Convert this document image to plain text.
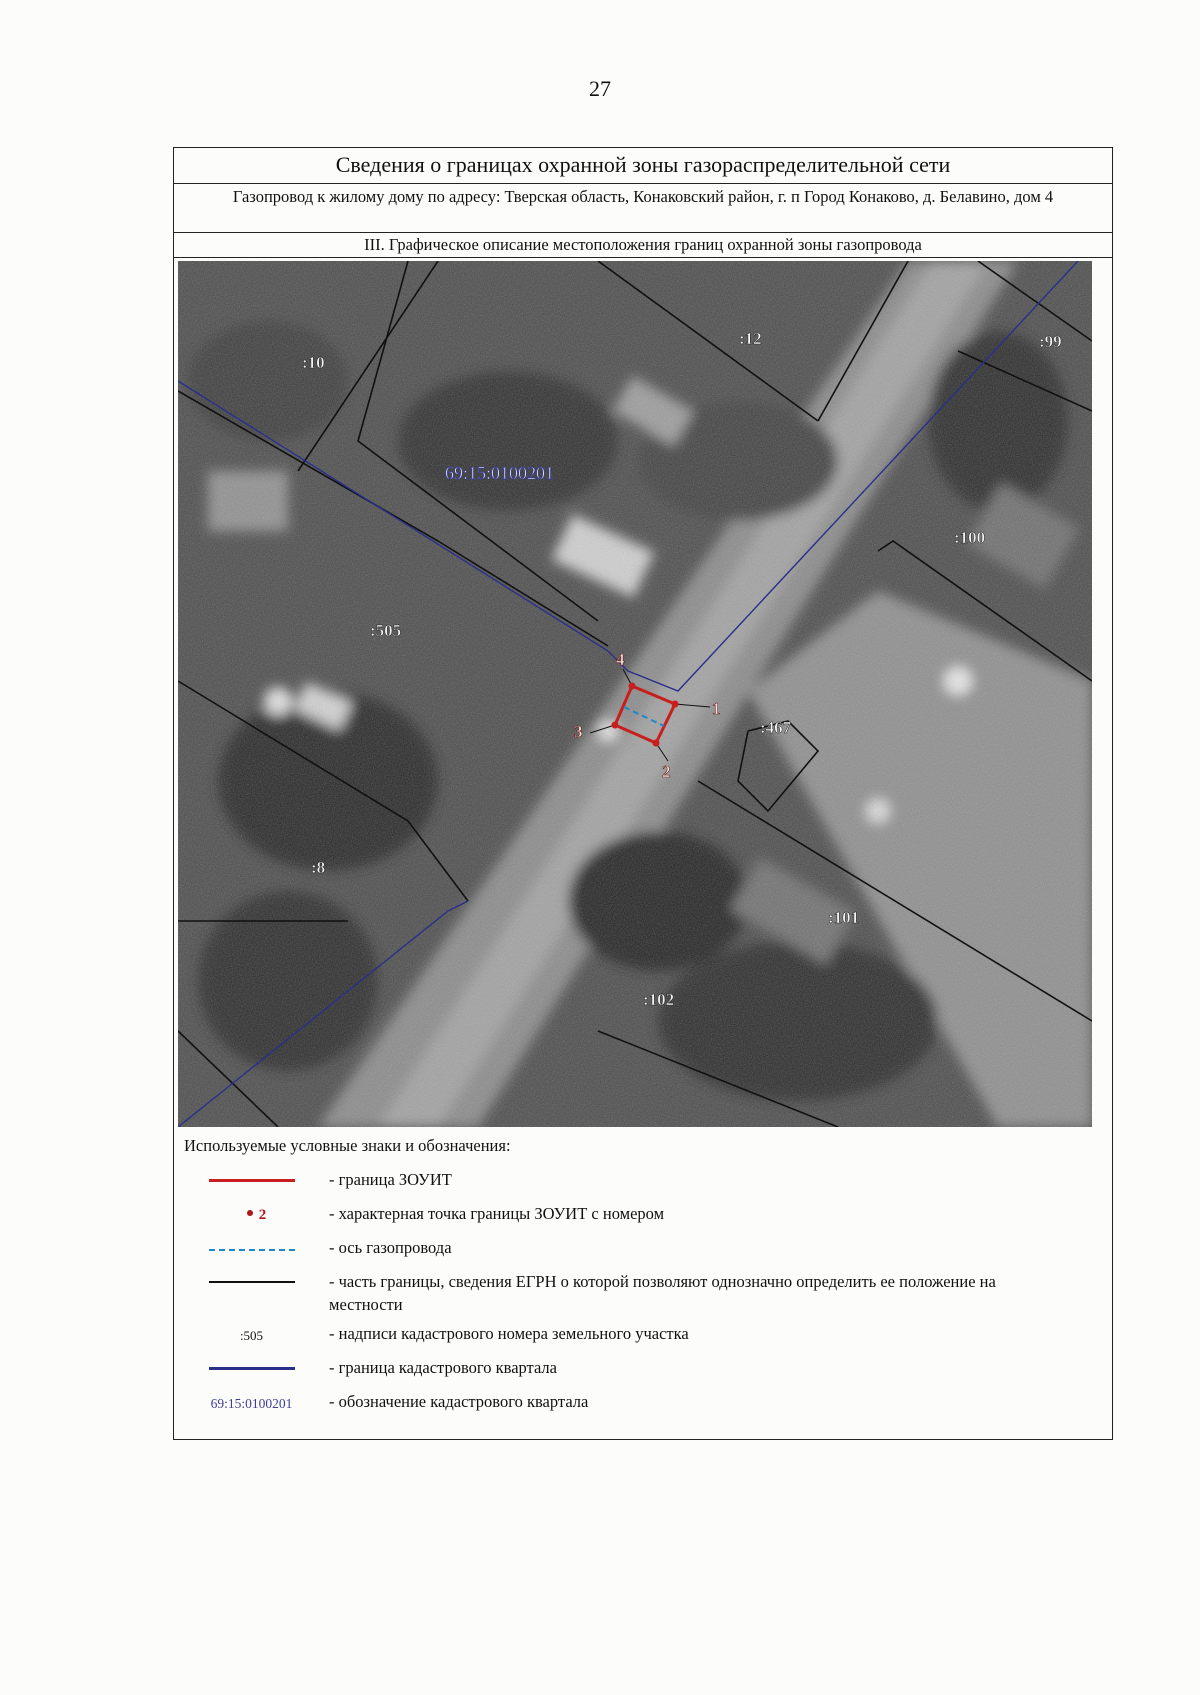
27
Сведения о границах охранной зоны газораспределительной сети
Газопровод к жилому дому по адресу: Тверская область, Конаковский район, г. п Город Конаково, д. Белавино, дом 4
III. Графическое описание местоположения границ охранной зоны газопровода
1
2
3
4
69:15:0100201
:10
:12	:99
:100
:505
:467
:8
:101
:102
Используемые условные знаки и обозначения:
- граница ЗОУИТ
2	- характерная точка границы ЗОУИТ с номером
- ось газопровода
- часть границы, сведения ЕГРН о которой позволяют однозначно определить ее положение на местности
:505	- надписи кадастрового номера земельного участка
- граница кадастрового квартала
69:15:0100201 - обозначение кадастрового квартала
